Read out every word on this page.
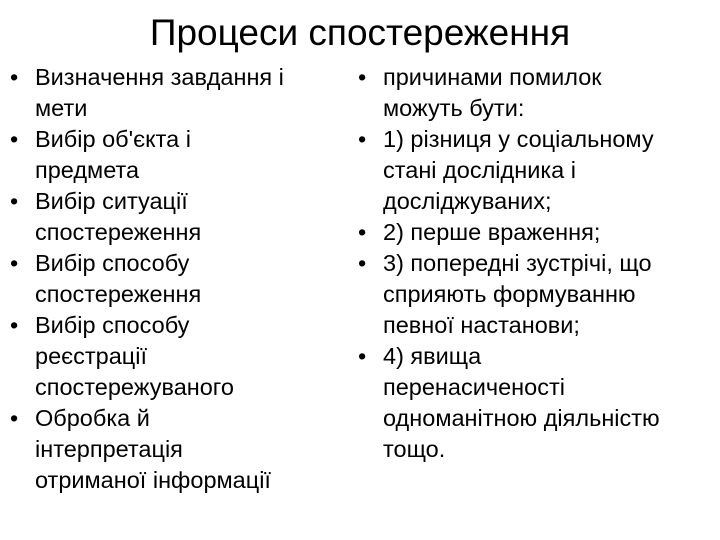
Процеси спостереження
• Визначення завдання і
мети
• Вибір об'єкта і
предмета
• Вибір ситуації
спостереження
• Вибір способу
спостереження
• Вибір способу
реєстрації
спостережуваного
• Обробка й
інтерпретація
отриманої інформації
• причинами помилок
можуть бути:
• 1) різниця у соціальному
стані дослідника і
досліджуваних;
• 2) перше враження;
• 3) попередні зустрічі, що
сприяють формуванню
певної настанови;
• 4) явища
перенасиченості
одноманітною діяльністю
тощо.
